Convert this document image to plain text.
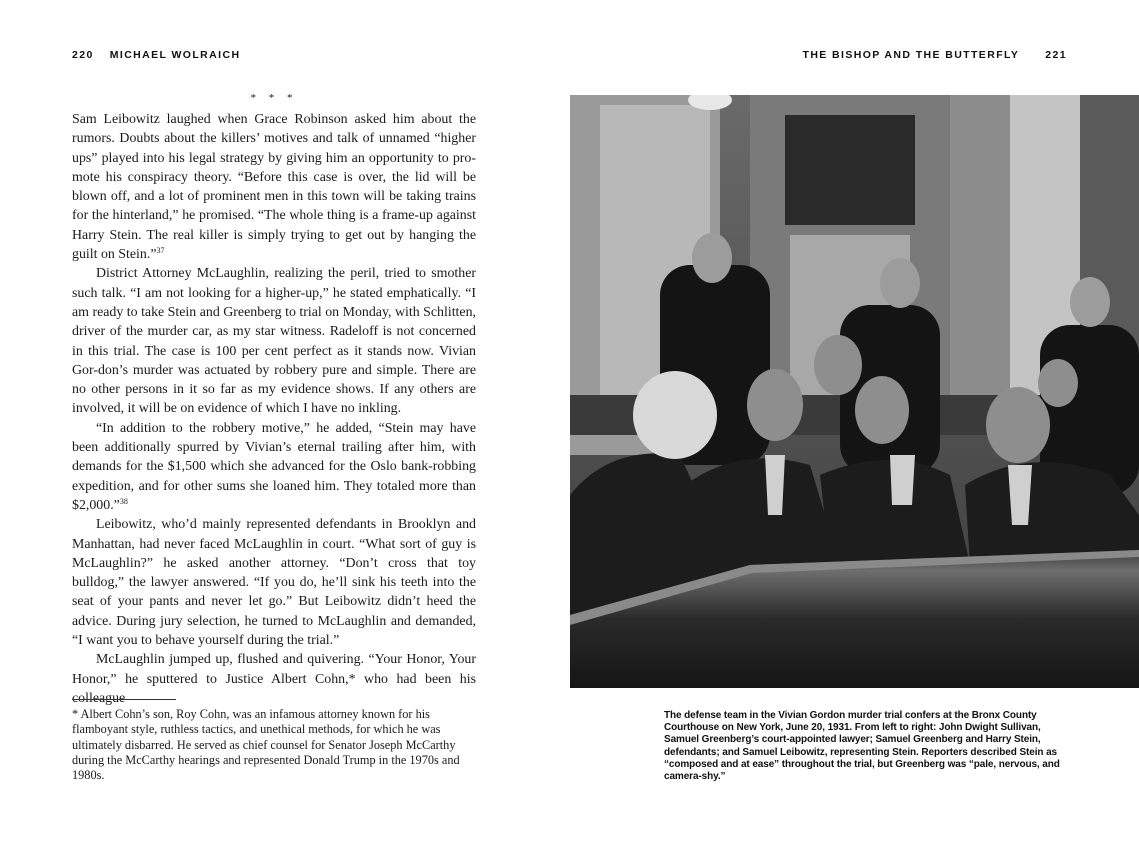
220 MICHAEL WOLRAICH	THE BISHOP AND THE BUTTERFLY 221
* * *

Sam Leibowitz laughed when Grace Robinson asked him about the rumors. Doubts about the killers’ motives and talk of unnamed “higher ups” played into his legal strategy by giving him an opportunity to pro-mote his conspiracy theory. “Before this case is over, the lid will be blown off, and a lot of prominent men in this town will be taking trains for the hinterland,” he promised. “The whole thing is a frame-up against Harry Stein. The real killer is simply trying to get out by hanging the guilt on Stein.”$^{37}$

District Attorney McLaughlin, realizing the peril, tried to smother such talk. “I am not looking for a higher-up,” he stated emphatically. “I am ready to take Stein and Greenberg to trial on Monday, with Schlitten, driver of the murder car, as my star witness. Radeloff is not concerned in this trial. The case is 100 per cent perfect as it stands now. Vivian Gor-don’s murder was actuated by robbery pure and simple. There are no other persons in it so far as my evidence shows. If any others are involved, it will be on evidence of which I have no inkling.

“In addition to the robbery motive,” he added, “Stein may have been additionally spurred by Vivian’s eternal trailing after him, with demands for the $1,500 which she advanced for the Oslo bank-robbing expedition, and for other sums she loaned him. They totaled more than $2,000.”$^{38}$

Leibowitz, who’d mainly represented defendants in Brooklyn and Manhattan, had never faced McLaughlin in court. “What sort of guy is McLaughlin?” he asked another attorney. “Don’t cross that toy bulldog,” the lawyer answered. “If you do, he’ll sink his teeth into the seat of your pants and never let go.” But Leibowitz didn’t heed the advice. During jury selection, he turned to McLaughlin and demanded, “I want you to behave yourself during the trial.”

McLaughlin jumped up, flushed and quivering. “Your Honor, Your Honor,” he sputtered to Justice Albert Cohn,* who had been his colleague

* Albert Cohn’s son, Roy Cohn, was an infamous attorney known for his flamboyant style, ruthless tactics, and unethical methods, for which he was ultimately disbarred. He served as chief counsel for Senator Joseph McCarthy during the McCarthy hearings and represented Donald Trump in the 1970s and 1980s.

The defense team in the Vivian Gordon murder trial confers at the Bronx County Courthouse on New York, June 20, 1931. From left to right: John Dwight Sullivan, Samuel Greenberg’s court-appointed lawyer; Samuel Greenberg and Harry Stein, defendants; and Samuel Leibowitz, representing Stein. Reporters described Stein as “composed and at ease” throughout the trial, but Greenberg was “pale, nervous, and camera-shy.”
